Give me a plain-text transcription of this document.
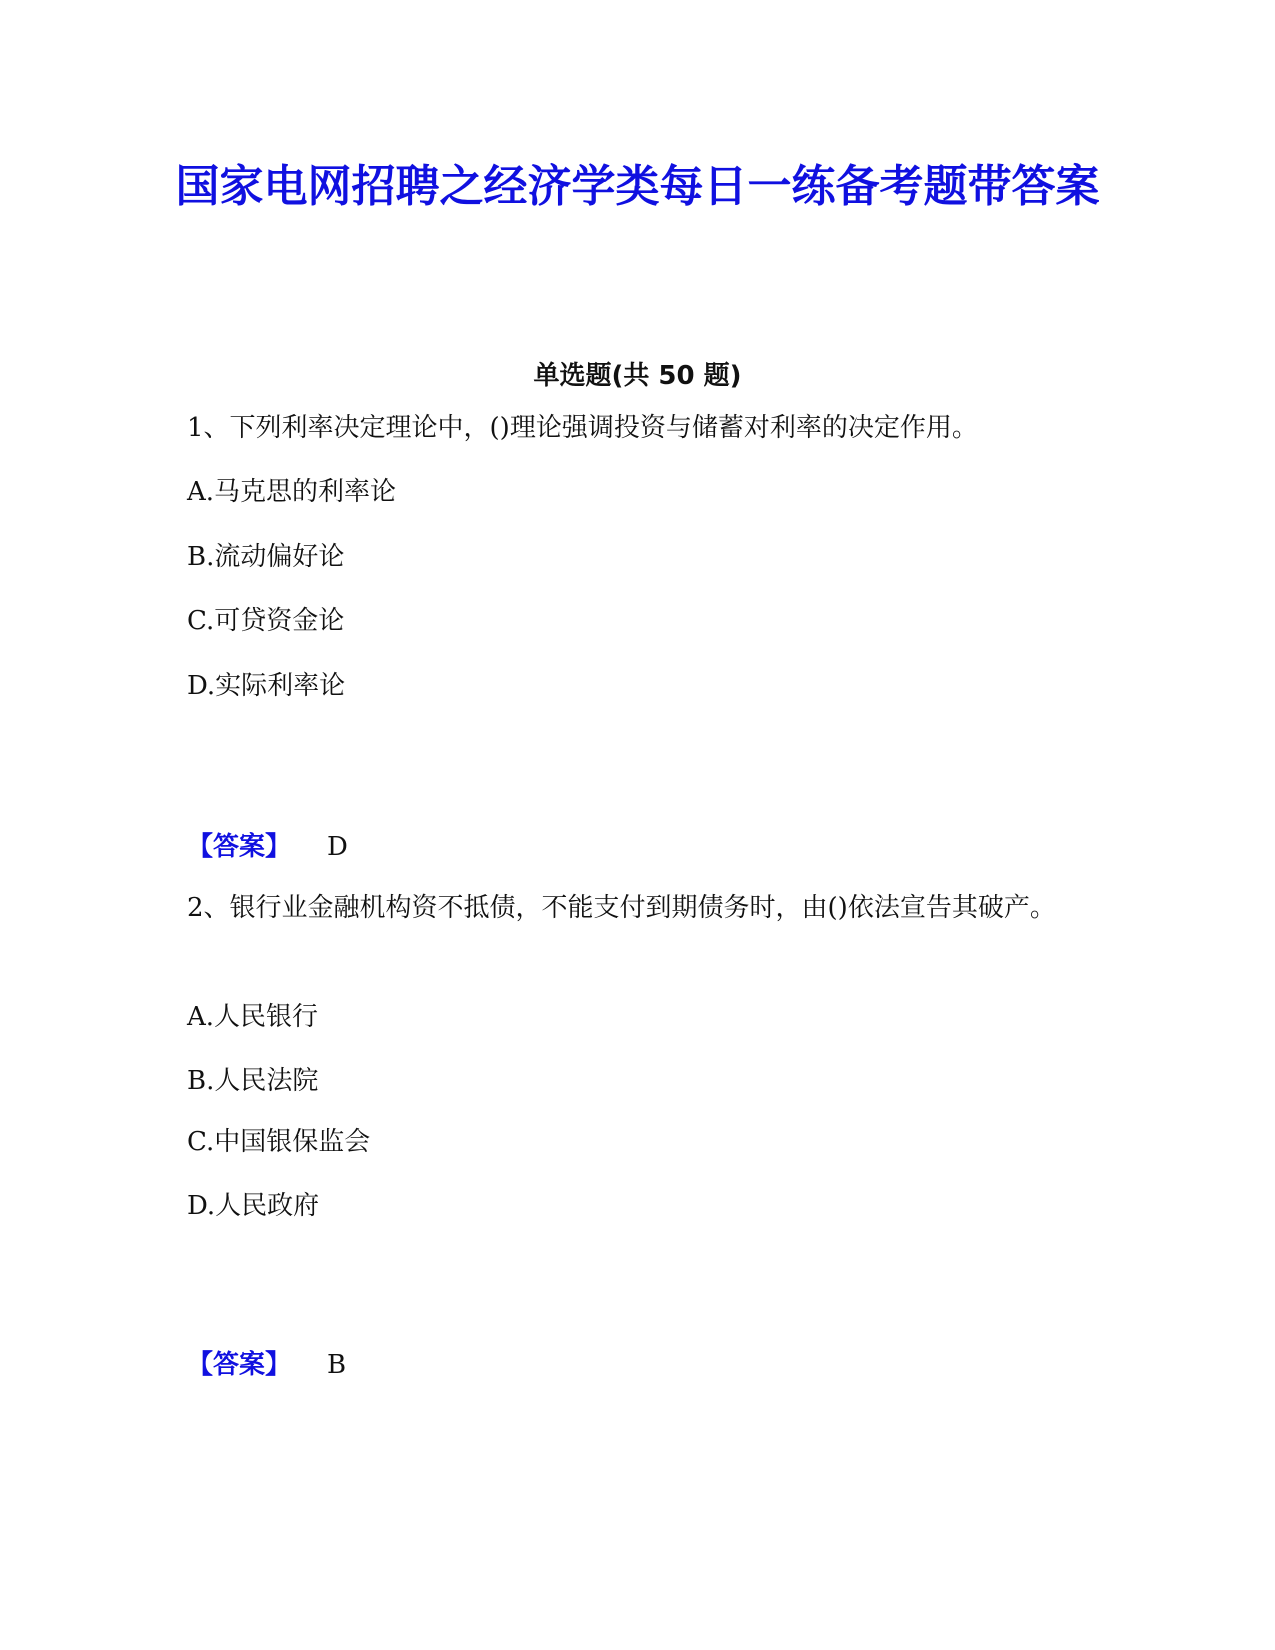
国家电网招聘之经济学类每日一练备考题带答案
单选题(共 50 题)

1、下列利率决定理论中，()理论强调投资与储蓄对利率的决定作用。

A.马克思的利率论

B.流动偏好论

C.可贷资金论

D.实际利率论

【答案】 D

2、银行业金融机构资不抵债，不能支付到期债务时，由()依法宣告其破产。

A.人民银行

B.人民法院

C.中国银保监会

D.人民政府

【答案】 B
